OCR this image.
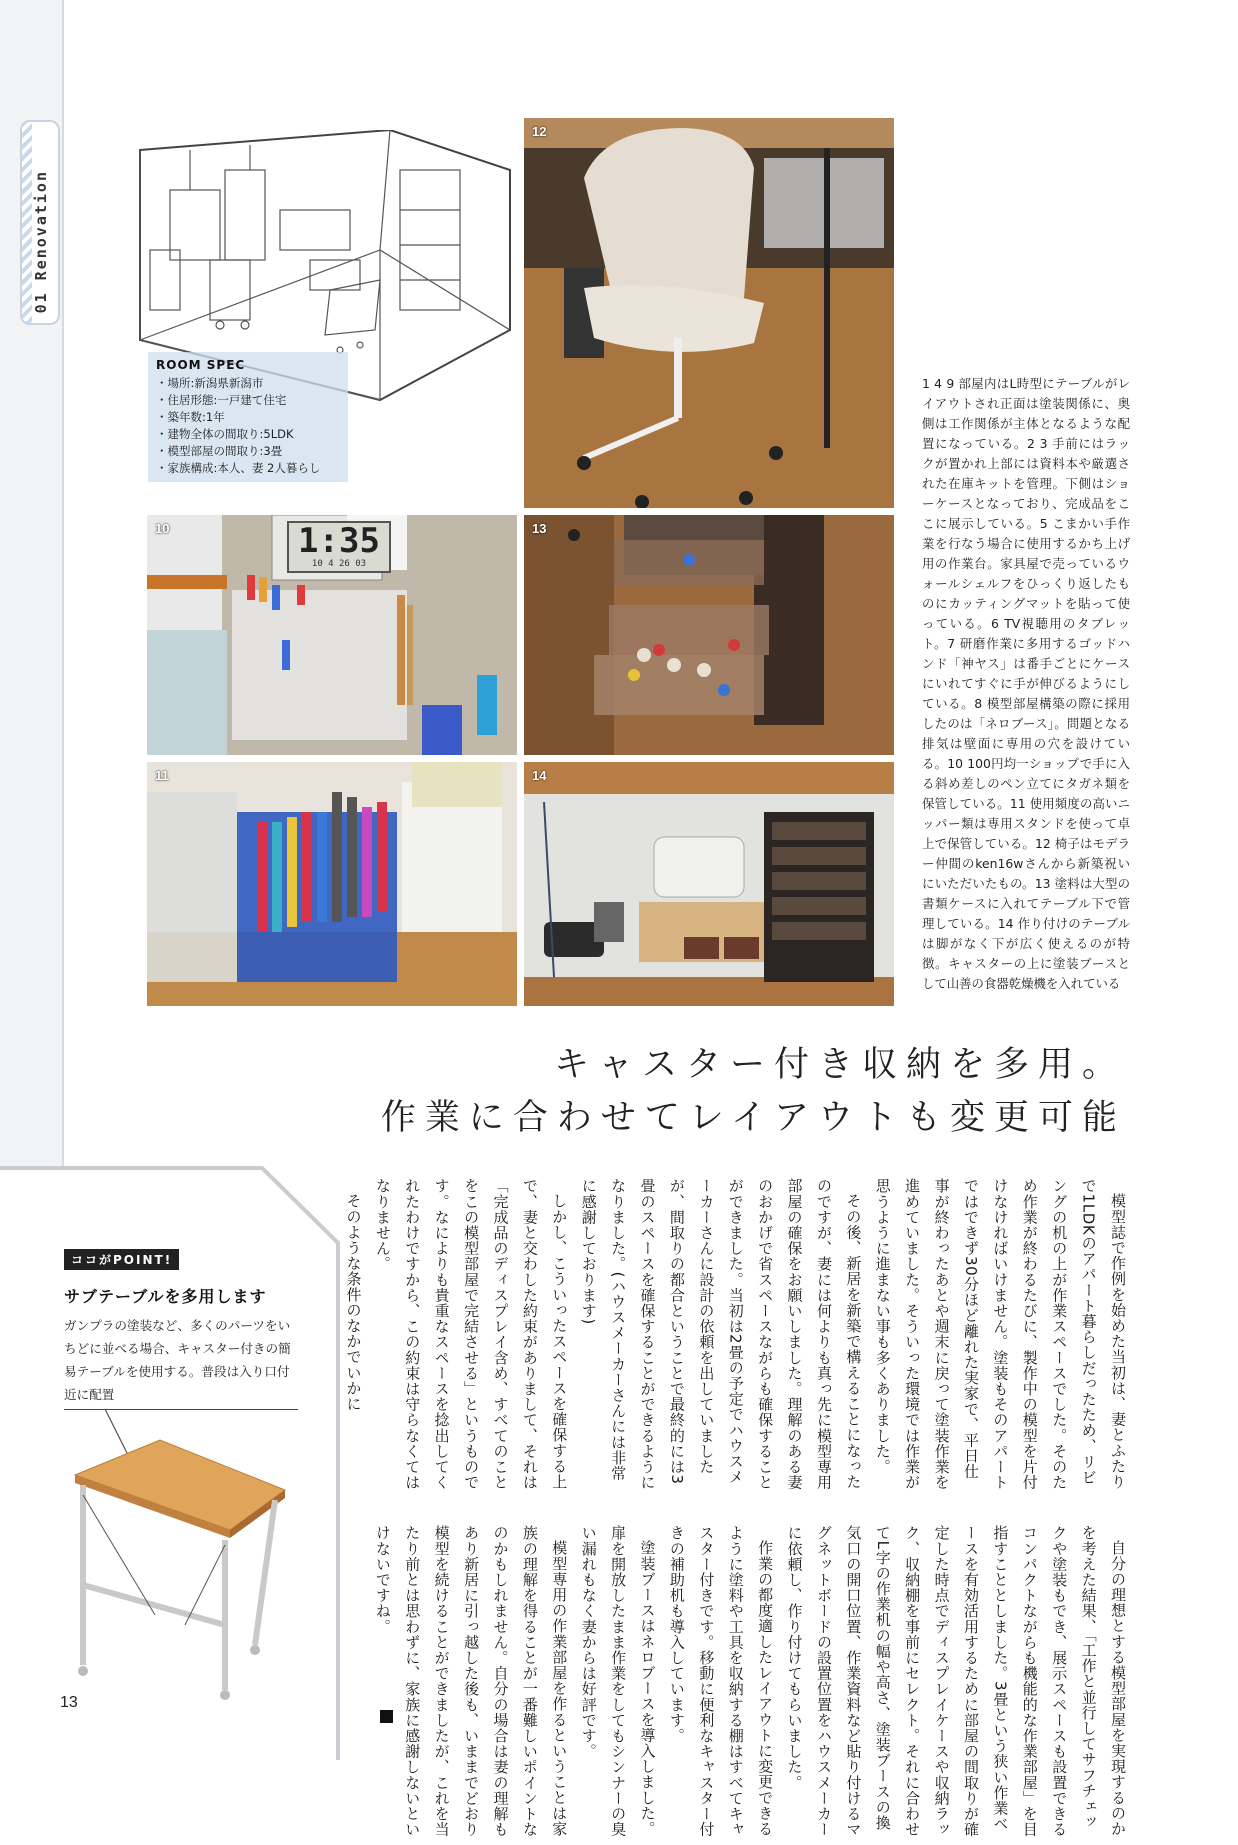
01 Renovation
ROOM SPEC
・場所:新潟県新潟市
・住居形態:一戸建て住宅
・築年数:1年
・建物全体の間取り:5LDK
・模型部屋の間取り:3畳
・家族構成:本人、妻 2人暮らし
12
10	1:35
10 4 26 03
13
11	14
1 4 9 部屋内はL時型にテーブルがレイアウトされ正面は塗装関係に、奥側は工作関係が主体となるような配置になっている。2 3 手前にはラックが置かれ上部には資料本や厳選された在庫キットを管理。下側はショーケースとなっており、完成品をここに展示している。5 こまかい手作業を行なう場合に使用するかち上げ用の作業台。家具屋で売っているウォールシェルフをひっくり返したものにカッティングマットを貼って使っている。6 TV視聴用のタブレット。7 研磨作業に多用するゴッドハンド「神ヤス」は番手ごとにケースにいれてすぐに手が伸びるようにしている。8 模型部屋構築の際に採用したのは「ネロブース」。問題となる排気は壁面に専用の穴を設けている。10 100円均一ショップで手に入る斜め差しのペン立てにタガネ類を保管している。11 使用頻度の高いニッパー類は専用スタンドを使って卓上で保管している。12 椅子はモデラー仲間のken16wさんから新築祝いにいただいたもの。13 塗料は大型の書類ケースに入れてテーブル下で管理している。14 作り付けのテーブルは脚がなく下が広く使えるのが特徴。キャスターの上に塗装ブースとして山善の食器乾燥機を入れている
キャスター付き収納を多用。
作業に合わせてレイアウトも変更可能
ココがPOINT!
サブテーブルを多用します
ガンプラの塗装など、多くのパーツをいちどに並べる場合、キャスター付きの簡易テーブルを使用する。普段は入り口付近に配置
13

模型誌で作例を始めた当初は、妻とふたりで1LDKのアパート暮らしだったため、リビングの机の上が作業スペースでした。そのため作業が終わるたびに、製作中の模型を片付けなければいけません。塗装もそのアパートではできず30分ほど離れた実家で、平日仕事が終わったあとや週末に戻って塗装作業を進めていました。そういった環境では作業が思うように進まない事も多くありました。

その後、新居を新築で構えることになったのですが、妻には何よりも真っ先に模型専用部屋の確保をお願いしました。理解のある妻のおかげで省スペースながらも確保することができました。当初は2畳の予定でハウスメーカーさんに設計の依頼を出していましたが、間取りの都合ということで最終的には3畳のスペースを確保することができるようになりました。(ハウスメーカーさんには非常に感謝しております)

しかし、こういったスペースを確保する上で、妻と交わした約束がありまして、それは「完成品のディスプレイ含め、すべてのことをこの模型部屋で完結させる」というものです。なによりも貴重なスペースを捻出してくれたわけですから、この約束は守らなくてはなりません。

そのような条件のなかでいかに

自分の理想とする模型部屋を実現するのかを考えた結果、「工作と並行してサフチェックや塗装もでき、展示スペースも設置できるコンパクトながらも機能的な作業部屋」を目指すこととしました。3畳という狭い作業ベースを有効活用するために部屋の間取りが確定した時点でディスプレイケースや収納ラック、収納棚を事前にセレクト。それに合わせてL字の作業机の幅や高さ、塗装ブースの換気口の開口位置、作業資料など貼り付けるマグネットボードの設置位置をハウスメーカーに依頼し、作り付けてもらいました。

作業の都度適したレイアウトに変更できるように塗料や工具を収納する棚はすべてキャスター付きです。移動に便利なキャスター付きの補助机も導入しています。

塗装ブースはネロブースを導入しました。扉を開放したまま作業をしてもシンナーの臭い漏れもなく妻からは好評です。

模型専用の作業部屋を作るということは家族の理解を得ることが一番難しいポイントなのかもしれません。自分の場合は妻の理解もあり新居に引っ越した後も、いままでどおり模型を続けることができましたが、これを当たり前とは思わずに、家族に感謝しないといけないですね。
